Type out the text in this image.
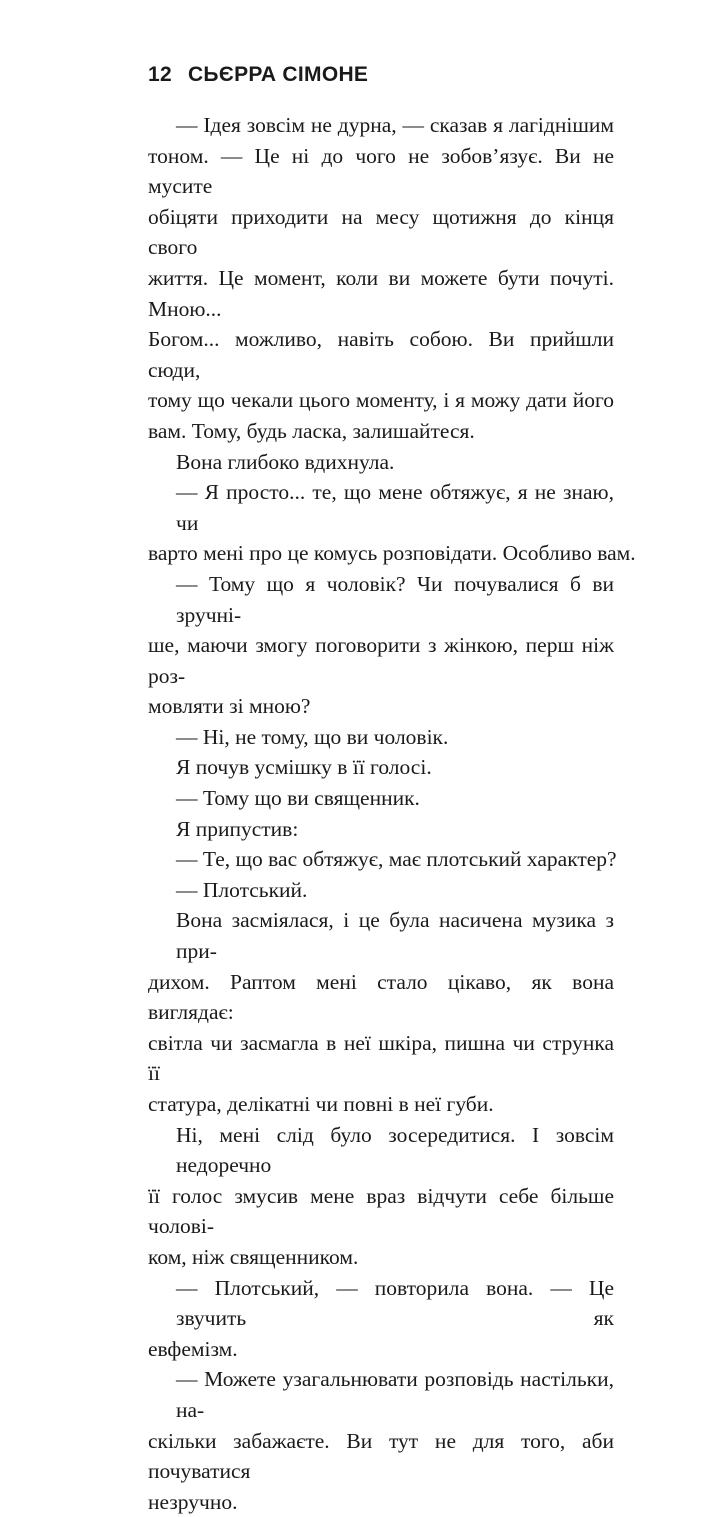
12 СЬЄРРА СІМОНЕ

— Ідея зовсім не дурна, — сказав я лагіднішим
тоном. — Це ні до чого не зобов’язує. Ви не мусите
обіцяти приходити на месу щотижня до кінця свого
життя. Це момент, коли ви можете бути почуті. Мною...
Богом... можливо, навіть собою. Ви прийшли сюди,
тому що чекали цього моменту, і я можу дати його
вам. Тому, будь ласка, залишайтеся.

Вона глибоко вдихнула.

— Я просто... те, що мене обтяжує, я не знаю, чи
варто мені про це комусь розповідати. Особливо вам.

— Тому що я чоловік? Чи почувалися б ви зручні-
ше, маючи змогу поговорити з жінкою, перш ніж роз-
мовляти зі мною?

— Ні, не тому, що ви чоловік.

Я почув усмішку в її голосі.

— Тому що ви священник.

Я припустив:

— Те, що вас обтяжує, має плотський характер?

— Плотський.

Вона засміялася, і це була насичена музика з при-
дихом. Раптом мені стало цікаво, як вона виглядає:
світла чи засмагла в неї шкіра, пишна чи струнка її
статура, делікатні чи повні в неї губи.

Ні, мені слід було зосередитися. І зовсім недоречно
її голос змусив мене враз відчути себе більше чолові-
ком, ніж священником.

— Плотський, — повторила вона. — Це звучить як
евфемізм.

— Можете узагальнювати розповідь настільки, на-
скільки забажаєте. Ви тут не для того, аби почуватися
незручно.
